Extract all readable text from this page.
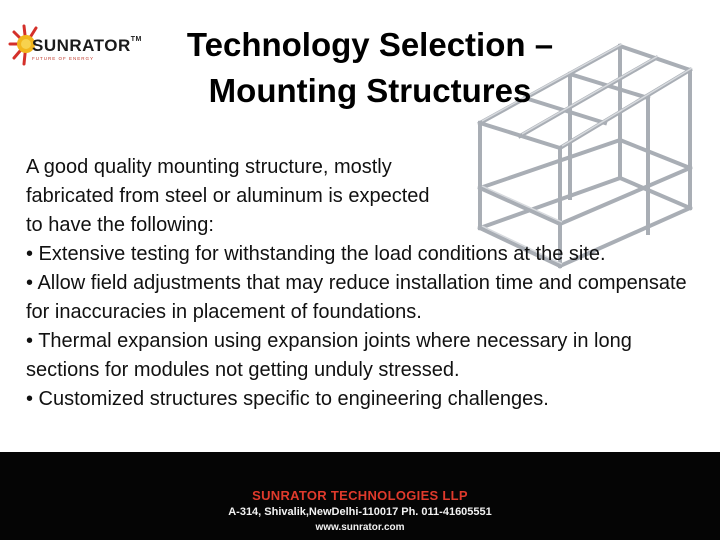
SUNRATOR™
FUTURE OF ENERGY	Technology Selection –
Mounting Structures

A good quality mounting structure, mostly

fabricated from steel or aluminum is expected

to have the following:

• Extensive testing for withstanding the load conditions at the site.

• Allow field adjustments that may reduce installation time and compensate for inaccuracies in placement of foundations.

• Thermal expansion using expansion joints where necessary in long sections for modules not getting unduly stressed.

• Customized structures specific to engineering challenges.

SUNRATOR TECHNOLOGIES LLP
A-314, Shivalik,NewDelhi-110017 Ph. 011-41605551
www.sunrator.com
